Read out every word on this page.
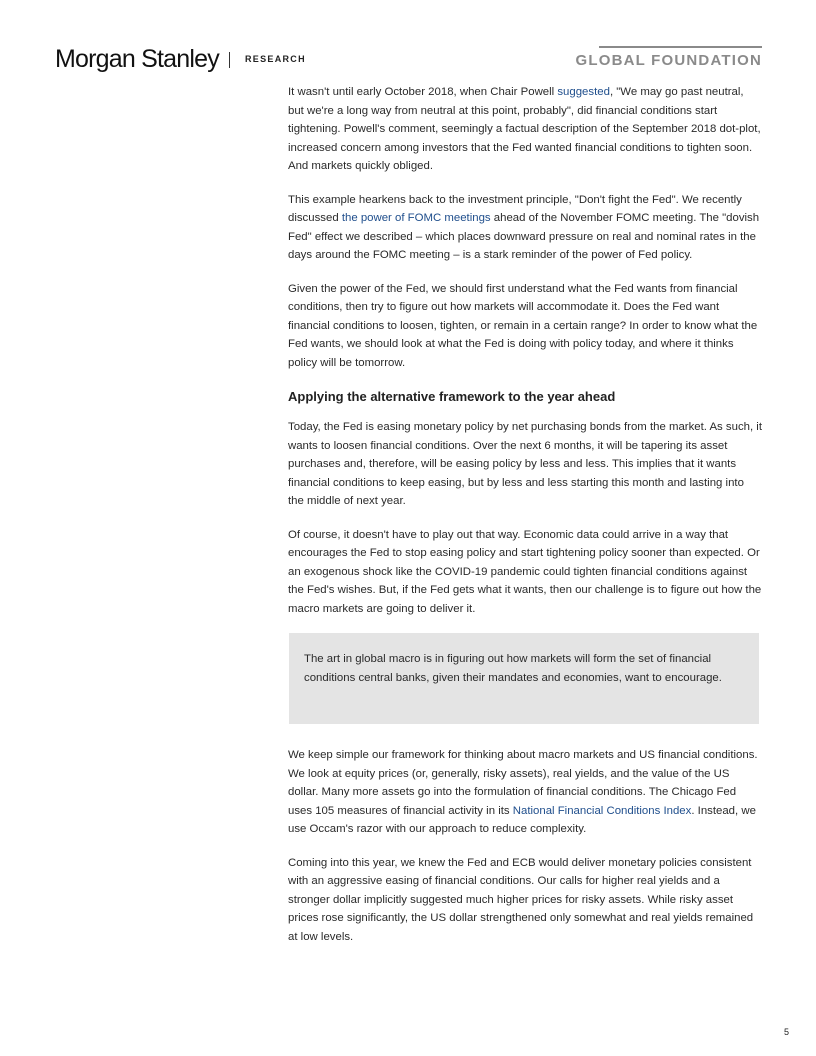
Morgan Stanley	RESEARCH	GLOBAL FOUNDATION

It wasn't until early October 2018, when Chair Powell suggested, "We may go past neutral, but we're a long way from neutral at this point, probably", did financial conditions start tightening. Powell's comment, seemingly a factual description of the September 2018 dot-plot, increased concern among investors that the Fed wanted financial conditions to tighten soon. And markets quickly obliged.

This example hearkens back to the investment principle, "Don't fight the Fed". We recently discussed the power of FOMC meetings ahead of the November FOMC meeting. The "dovish Fed" effect we described – which places downward pressure on real and nominal rates in the days around the FOMC meeting – is a stark reminder of the power of Fed policy.

Given the power of the Fed, we should first understand what the Fed wants from financial conditions, then try to figure out how markets will accommodate it. Does the Fed want financial conditions to loosen, tighten, or remain in a certain range? In order to know what the Fed wants, we should look at what the Fed is doing with policy today, and where it thinks policy will be tomorrow.

Applying the alternative framework to the year ahead

Today, the Fed is easing monetary policy by net purchasing bonds from the market. As such, it wants to loosen financial conditions. Over the next 6 months, it will be tapering its asset purchases and, therefore, will be easing policy by less and less. This implies that it wants financial conditions to keep easing, but by less and less starting this month and lasting into the middle of next year.

Of course, it doesn't have to play out that way. Economic data could arrive in a way that encourages the Fed to stop easing policy and start tightening policy sooner than expected. Or an exogenous shock like the COVID-19 pandemic could tighten financial conditions against the Fed's wishes. But, if the Fed gets what it wants, then our challenge is to figure out how the macro markets are going to deliver it.

The art in global macro is in figuring out how markets will form the set of financial conditions central banks, given their mandates and economies, want to encourage.

We keep simple our framework for thinking about macro markets and US financial conditions. We look at equity prices (or, generally, risky assets), real yields, and the value of the US dollar. Many more assets go into the formulation of financial conditions. The Chicago Fed uses 105 measures of financial activity in its National Financial Conditions Index. Instead, we use Occam's razor with our approach to reduce complexity.

Coming into this year, we knew the Fed and ECB would deliver monetary policies consistent with an aggressive easing of financial conditions. Our calls for higher real yields and a stronger dollar implicitly suggested much higher prices for risky assets. While risky asset prices rose significantly, the US dollar strengthened only somewhat and real yields remained at low levels.

5
